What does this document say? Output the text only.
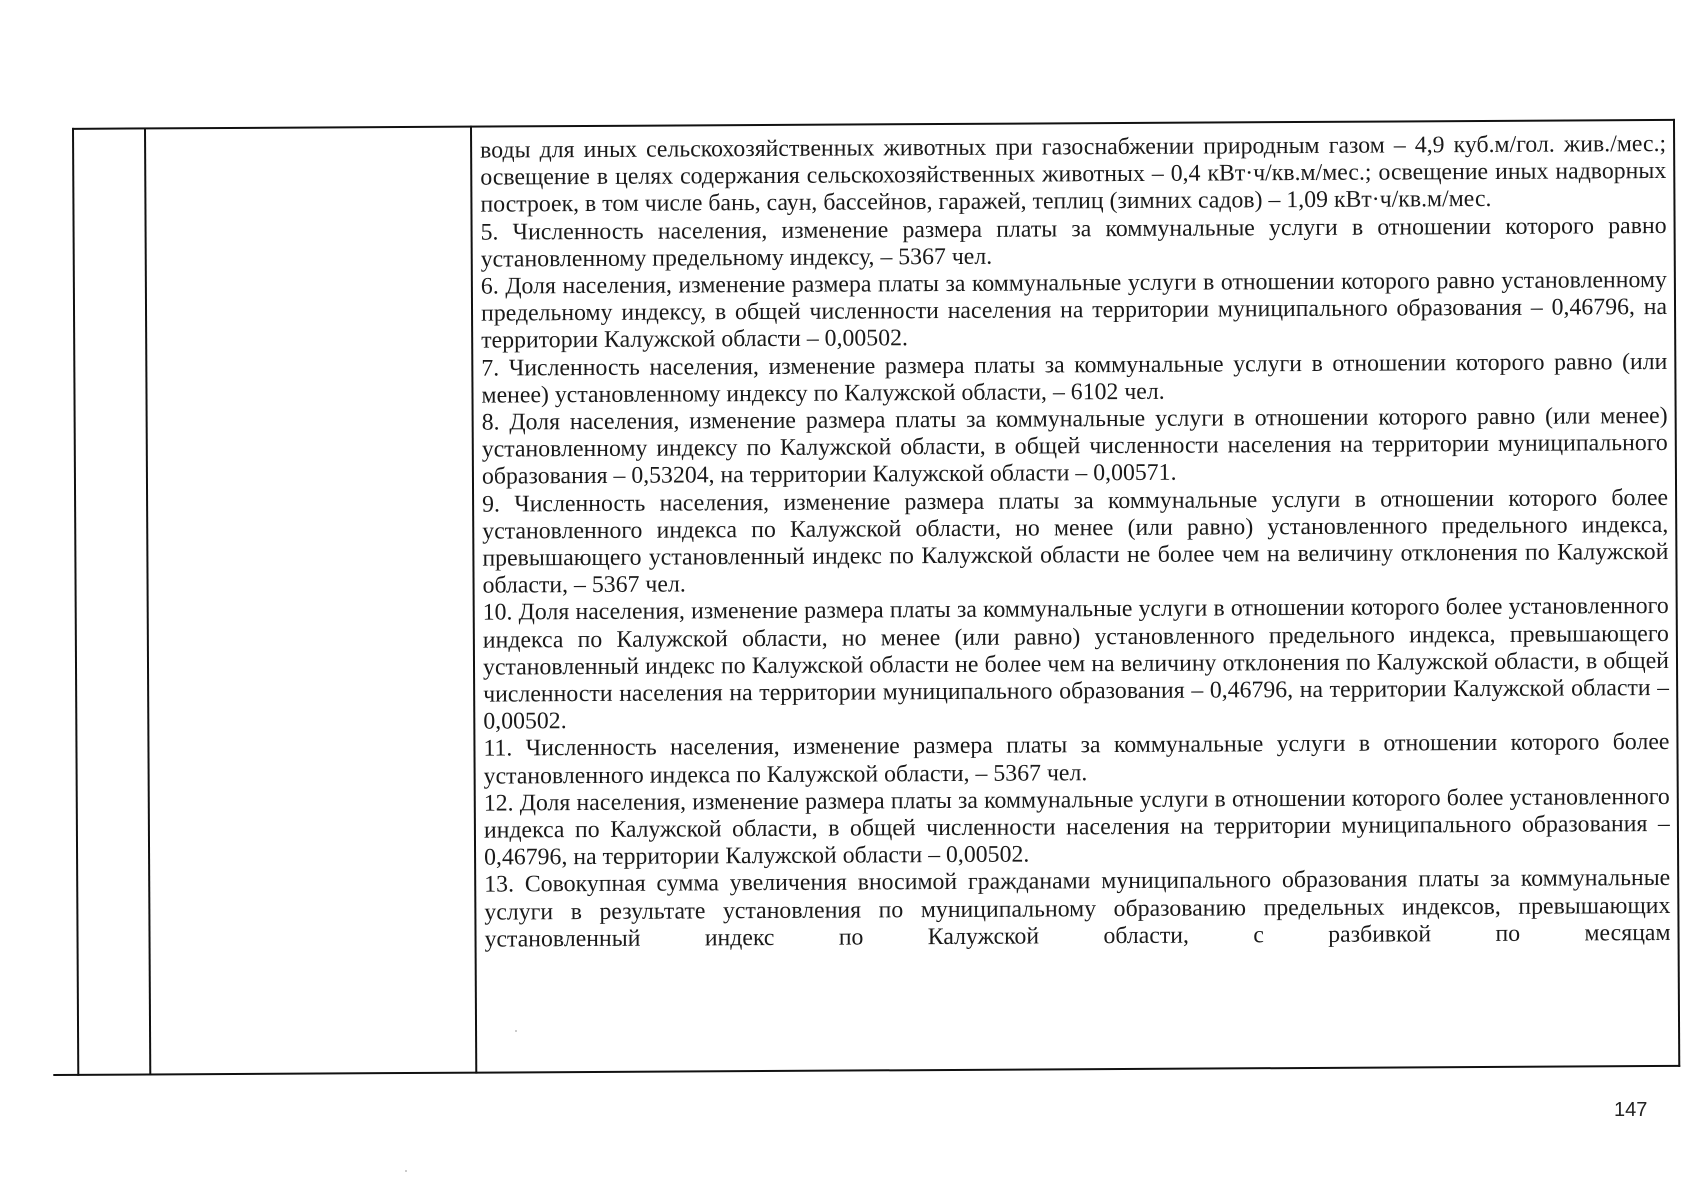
воды для иных сельскохозяйственных животных при газоснабжении природным газом – 4,9 куб.м/гол. жив./мес.; освещение в целях содержания сельскохозяйственных животных – 0,4 кВт·ч/кв.м/мес.; освещение иных надворных построек, в том числе бань, саун, бассейнов, гаражей, теплиц (зимних садов) – 1,09 кВт·ч/кв.м/мес.

5. Численность населения, изменение размера платы за коммунальные услуги в отношении которого равно установленному предельному индексу, – 5367 чел.

6. Доля населения, изменение размера платы за коммунальные услуги в отношении которого равно установленному предельному индексу, в общей численности населения на территории муниципального образования – 0,46796, на территории Калужской области – 0,00502.

7. Численность населения, изменение размера платы за коммунальные услуги в отношении которого равно (или менее) установленному индексу по Калужской области, – 6102 чел.

8. Доля населения, изменение размера платы за коммунальные услуги в отношении которого равно (или менее) установленному индексу по Калужской области, в общей численности населения на территории муниципального образования – 0,53204, на территории Калужской области – 0,00571.

9. Численность населения, изменение размера платы за коммунальные услуги в отношении которого более установленного индекса по Калужской области, но менее (или равно) установленного предельного индекса, превышающего установленный индекс по Калужской области не более чем на величину отклонения по Калужской области, – 5367 чел.

10. Доля населения, изменение размера платы за коммунальные услуги в отношении которого более установленного индекса по Калужской области, но менее (или равно) установленного предельного индекса, превышающего установленный индекс по Калужской области не более чем на величину отклонения по Калужской области, в общей численности населения на территории муниципального образования – 0,46796, на территории Калужской области – 0,00502.

11. Численность населения, изменение размера платы за коммунальные услуги в отношении которого более установленного индекса по Калужской области, – 5367 чел.

12. Доля населения, изменение размера платы за коммунальные услуги в отношении которого более установленного индекса по Калужской области, в общей численности населения на территории муниципального образования – 0,46796, на территории Калужской области – 0,00502.

13. Совокупная сумма увеличения вносимой гражданами муниципального образования платы за коммунальные услуги в результате установления по муниципальному образованию предельных индексов, превышающих установленный индекс по Калужской области, с разбивкой по месяцам

147
